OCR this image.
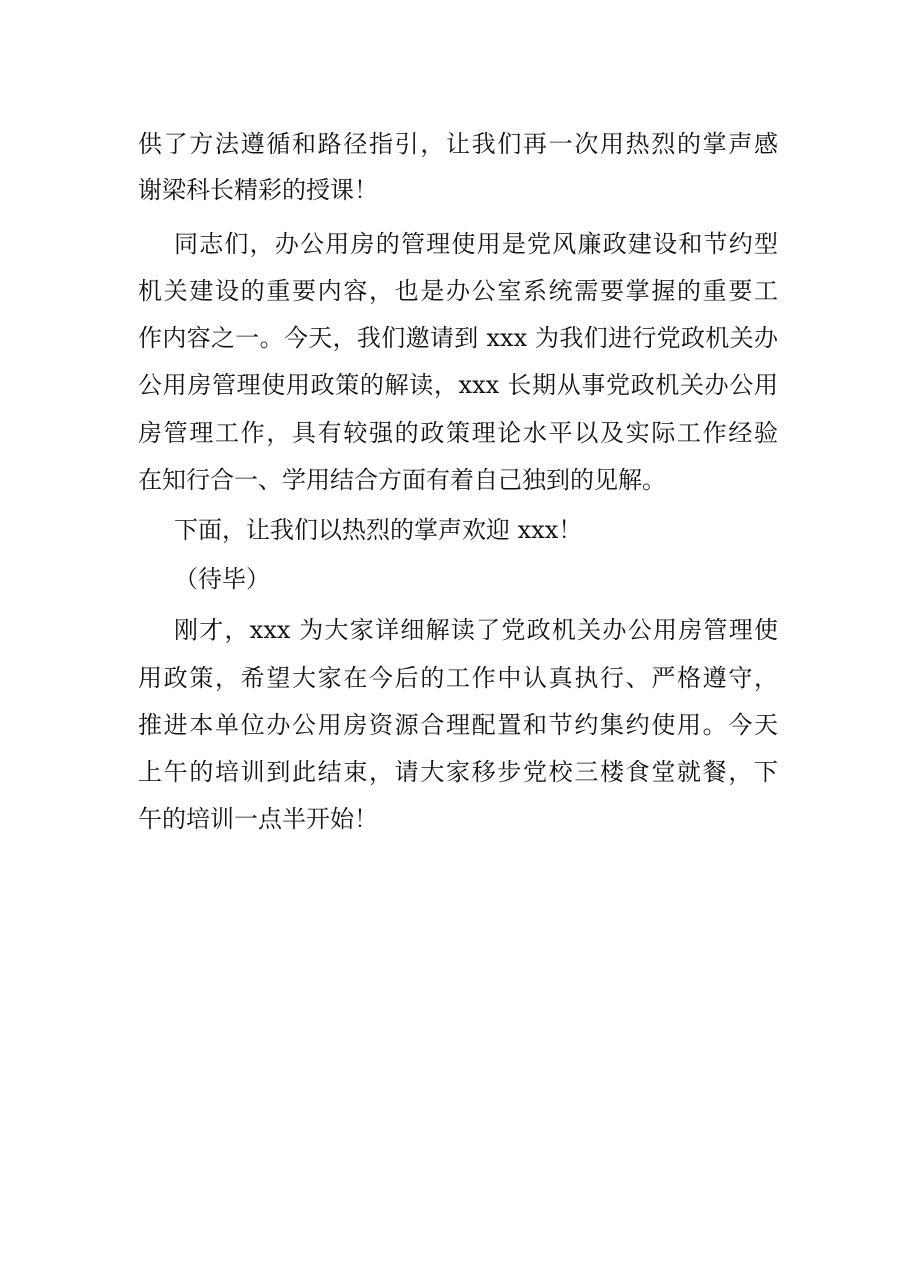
供了方法遵循和路径指引，让我们再一次用热烈的掌声感
谢梁科长精彩的授课！
同志们，办公用房的管理使用是党风廉政建设和节约型
机关建设的重要内容，也是办公室系统需要掌握的重要工
作内容之一。今天，我们邀请到 xxx 为我们进行党政机关办
公用房管理使用政策的解读，xxx 长期从事党政机关办公用
房管理工作，具有较强的政策理论水平以及实际工作经验
在知行合一、学用结合方面有着自己独到的见解。
下面，让我们以热烈的掌声欢迎 xxx！
（待毕）
刚才，xxx 为大家详细解读了党政机关办公用房管理使
用政策，希望大家在今后的工作中认真执行、严格遵守，
推进本单位办公用房资源合理配置和节约集约使用。今天
上午的培训到此结束，请大家移步党校三楼食堂就餐，下
午的培训一点半开始！
